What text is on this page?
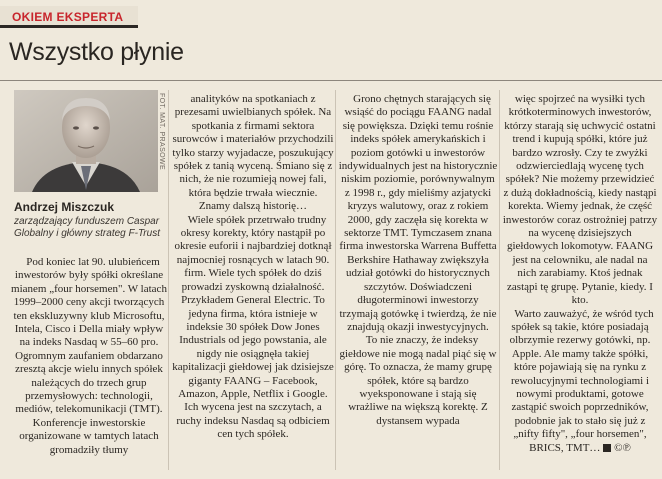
OKIEM EKSPERTA
Wszystko płynie
FOT. MAT. PRASOWE
Andrzej Miszczuk
zarządzający funduszem Caspar Globalny i główny strateg F-Trust

Pod koniec lat 90. ulubieńcem inwestorów były spółki określane mianem „four horsemen". W latach 1999–2000 ceny akcji tworzących ten ekskluzywny klub Microsoftu, Intela, Cisco i Della miały wpływ na indeks Nasdaq w 55–60 pro. Ogromnym zaufaniem obdarzano zresztą akcje wielu innych spółek należących do trzech grup przemysłowych: technologii, mediów, telekomunikacji (TMT). Konferencje inwestorskie organizowane w tamtych latach gromadziły tłumy

analityków na spotkaniach z prezesami uwielbianych spółek. Na spotkania z firmami sektora surowców i materiałów przychodzili tylko starzy wyjadacze, poszukujący spółek z tanią wyceną. Śmiano się z nich, że nie rozumieją nowej fali, która będzie trwała wiecznie. Znamy dalszą historię…

Wiele spółek przetrwało trudny okresy korekty, który nastąpił po okresie euforii i najbardziej dotknął najmocniej rosnących w latach 90. firm. Wiele tych spółek do dziś prowadzi zyskowną działalność. Przykładem General Electric. To jedyna firma, która istnieje w indeksie 30 spółek Dow Jones Industrials od jego powstania, ale nigdy nie osiągnęła takiej kapitalizacji giełdowej jak dzisiejsze giganty FAANG – Facebook, Amazon, Apple, Netflix i Google. Ich wycena jest na szczytach, a ruchy indeksu Nasdaq są odbiciem cen tych spółek.

Grono chętnych starających się wsiąść do pociągu FAANG nadal się powiększa. Dzięki temu rośnie indeks spółek amerykańskich i poziom gotówki u inwestorów indywidualnych jest na historycznie niskim poziomie, porównywalnym z 1998 r., gdy mieliśmy azjatycki kryzys walutowy, oraz z rokiem 2000, gdy zaczęła się korekta w sektorze TMT. Tymczasem znana firma inwestorska Warrena Buffetta Berkshire Hathaway zwiększyła udział gotówki do historycznych szczytów. Doświadczeni długoterminowi inwestorzy trzymają gotówkę i twierdzą, że nie znajdują okazji inwestycyjnych.

To nie znaczy, że indeksy giełdowe nie mogą nadal piąć się w górę. To oznacza, że mamy grupę spółek, które są bardzo wyeksponowane i stają się wrażliwe na większą korektę. Z dystansem wypada

więc spojrzeć na wysiłki tych krótkoterminowych inwestorów, którzy starają się uchwycić ostatni trend i kupują spółki, które już bardzo wzrosły. Czy te zwyżki odzwierciedlają wycenę tych spółek? Nie możemy przewidzieć z dużą dokładnością, kiedy nastąpi korekta. Wiemy jednak, że część inwestorów coraz ostrożniej patrzy na wycenę dzisiejszych giełdowych lokomotyw. FAANG jest na celowniku, ale nadal na nich zarabiamy. Ktoś jednak zastąpi tę grupę. Pytanie, kiedy. I kto.

Warto zauważyć, że wśród tych spółek są takie, które posiadają olbrzymie rezerwy gotówki, np. Apple. Ale mamy także spółki, które pojawiają się na rynku z rewolucyjnymi technologiami i nowymi produktami, gotowe zastąpić swoich poprzedników, podobnie jak to stało się już z „nifty fifty", „four horsemen", BRICS, TMT… ©℗
